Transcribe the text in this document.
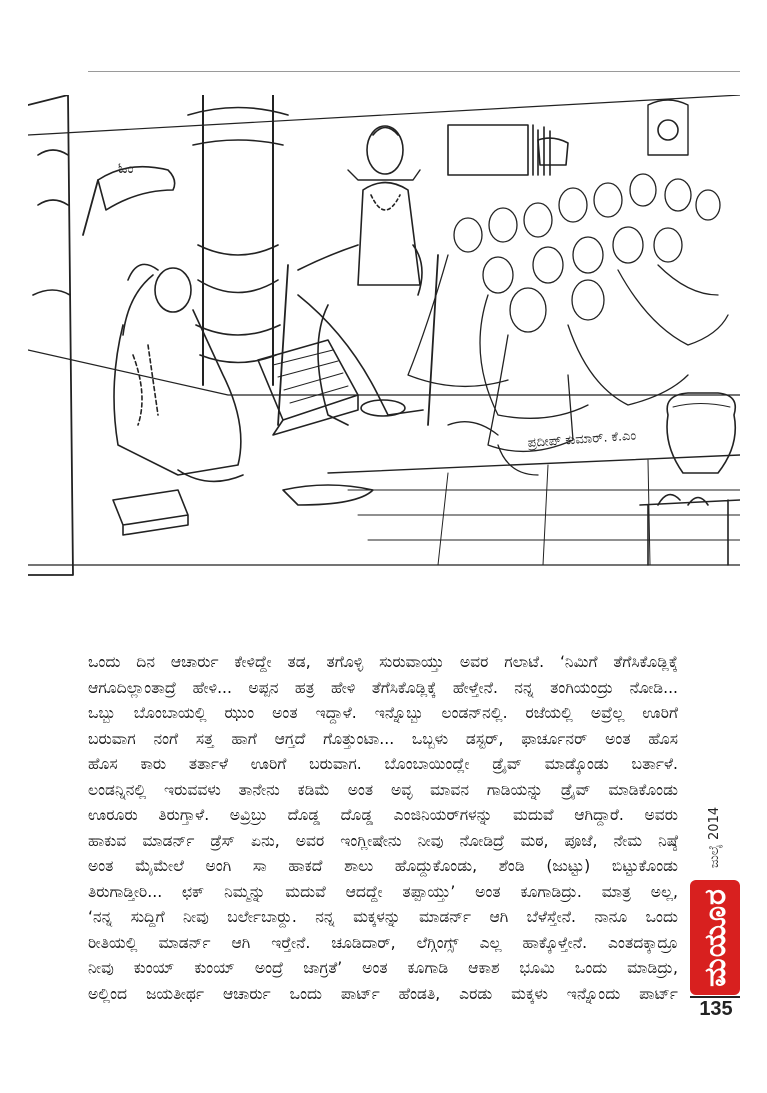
ಓಂ
ಪ್ರದೀಪ್ ಕುಮಾರ್. ಕೆ.ಎಂ
ಒಂದು ದಿನ ಆಚಾರ್ರು ಕೇಳಿದ್ದೇ ತಡ, ತಗೊಳ್ಳಿ ಸುರುವಾಯ್ತು ಅವರ ಗಲಾಟೆ. ‘ನಿಮಿಗೆ ತೆಗೆಸಿಕೊಡ್ಲಿಕ್ಕೆ
ಆಗೂದಿಲ್ಲಾಂತಾದ್ರೆ ಹೇಳಿ... ಅಪ್ಪನ ಹತ್ರ ಹೇಳಿ ತೆಗೆಸಿಕೊಡ್ಲಿಕ್ಕೆ ಹೇಳ್ತೇನೆ. ನನ್ನ ತಂಗಿಯಂದ್ರು ನೋಡಿ...
ಒಬ್ಬು ಬೊಂಬಾಯಲ್ಲಿ ಝುಂ ಅಂತ ಇದ್ದಾಳೆ. ಇನ್ನೊಬ್ಬು ಲಂಡನ್‌ನಲ್ಲಿ. ರಜೆಯಲ್ಲಿ ಅವ್ರೆಲ್ಲ ಊರಿಗೆ
ಬರುವಾಗ ನಂಗೆ ಸತ್ತ ಹಾಗೆ ಆಗ್ತದೆ ಗೊತ್ತುಂಟಾ... ಒಬ್ಬಳು ಡಸ್ಟರ್, ಫಾರ್ಚೂನರ್ ಅಂತ ಹೊಸ
ಹೊಸ ಕಾರು ತರ್ತಾಳೆ ಊರಿಗೆ ಬರುವಾಗ. ಬೊಂಬಾಯಿಂದ್ಲೇ ಡ್ರೈವ್ ಮಾಡ್ಕೊಂಡು ಬರ್ತಾಳೆ.
ಲಂಡನ್ನಿನಲ್ಲಿ ಇರುವವಳು ತಾನೇನು ಕಡಿಮೆ ಅಂತ ಅವ್ಳ ಮಾವನ ಗಾಡಿಯನ್ನು ಡ್ರೈವ್ ಮಾಡಿಕೊಂಡು
ಊರೂರು ತಿರುಗ್ತಾಳೆ. ಅವ್ರಿಬ್ರು ದೊಡ್ಡ ದೊಡ್ಡ ಎಂಜಿನಿಯರ್‌ಗಳನ್ನು ಮದುವೆ ಆಗಿದ್ದಾರೆ. ಅವರು
ಹಾಕುವ ಮಾಡರ್ನ್ ಡ್ರೆಸ್ ಏನು, ಅವರ ಇಂಗ್ಲೀಷೇನು ನೀವು ನೋಡಿದ್ರೆ ಮಠ, ಪೂಜೆ, ನೇಮ ನಿಷ್ಠೆ
ಅಂತ ಮೈಮೇಲೆ ಅಂಗಿ ಸಾ ಹಾಕದೆ ಶಾಲು ಹೊದ್ದುಕೊಂಡು, ಶೆಂಡಿ (ಜುಟ್ಟು) ಬಿಟ್ಟುಕೊಂಡು
ತಿರುಗಾಡ್ತೀರಿ... ಛಕ್ ನಿಮ್ಮನ್ನು ಮದುವೆ ಆದದ್ದೇ ತಪ್ಪಾಯ್ತು’ ಅಂತ ಕೂಗಾಡಿದ್ರು. ಮಾತ್ರ ಅಲ್ಲ,
‘ನನ್ನ ಸುದ್ದಿಗೆ ನೀವು ಬರ್ಲೇಬಾರ್‍ದು. ನನ್ನ ಮಕ್ಕಳನ್ನು ಮಾಡರ್ನ್ ಆಗಿ ಬೆಳೆಸ್ತೇನೆ. ನಾನೂ ಒಂದು
ರೀತಿಯಲ್ಲಿ ಮಾಡರ್ನ್ ಆಗಿ ಇರ್‍ತೇನೆ. ಚೂಡಿದಾರ್, ಲೆಗ್ಗಿಂಗ್ಸ್ ಎಲ್ಲ ಹಾಕ್ಕೊಳ್ತೇನೆ. ಎಂತದಕ್ಕಾದ್ರೂ
ನೀವು ಕುಂಯ್ ಕುಂಯ್ ಅಂದ್ರೆ ಜಾಗ್ರತೆ’ ಅಂತ ಕೂಗಾಡಿ ಆಕಾಶ ಭೂಮಿ ಒಂದು ಮಾಡಿದ್ರು,
ಅಲ್ಲಿಂದ ಜಯತೀರ್ಥ ಆಚಾರ್ರು ಒಂದು ಪಾರ್ಟ್ ಹೆಂಡತಿ, ಎರಡು ಮಕ್ಕಳು ಇನ್ನೊಂದು ಪಾರ್ಟ್
ಜುಲೈ 2014
ಮಯೂರ
135
